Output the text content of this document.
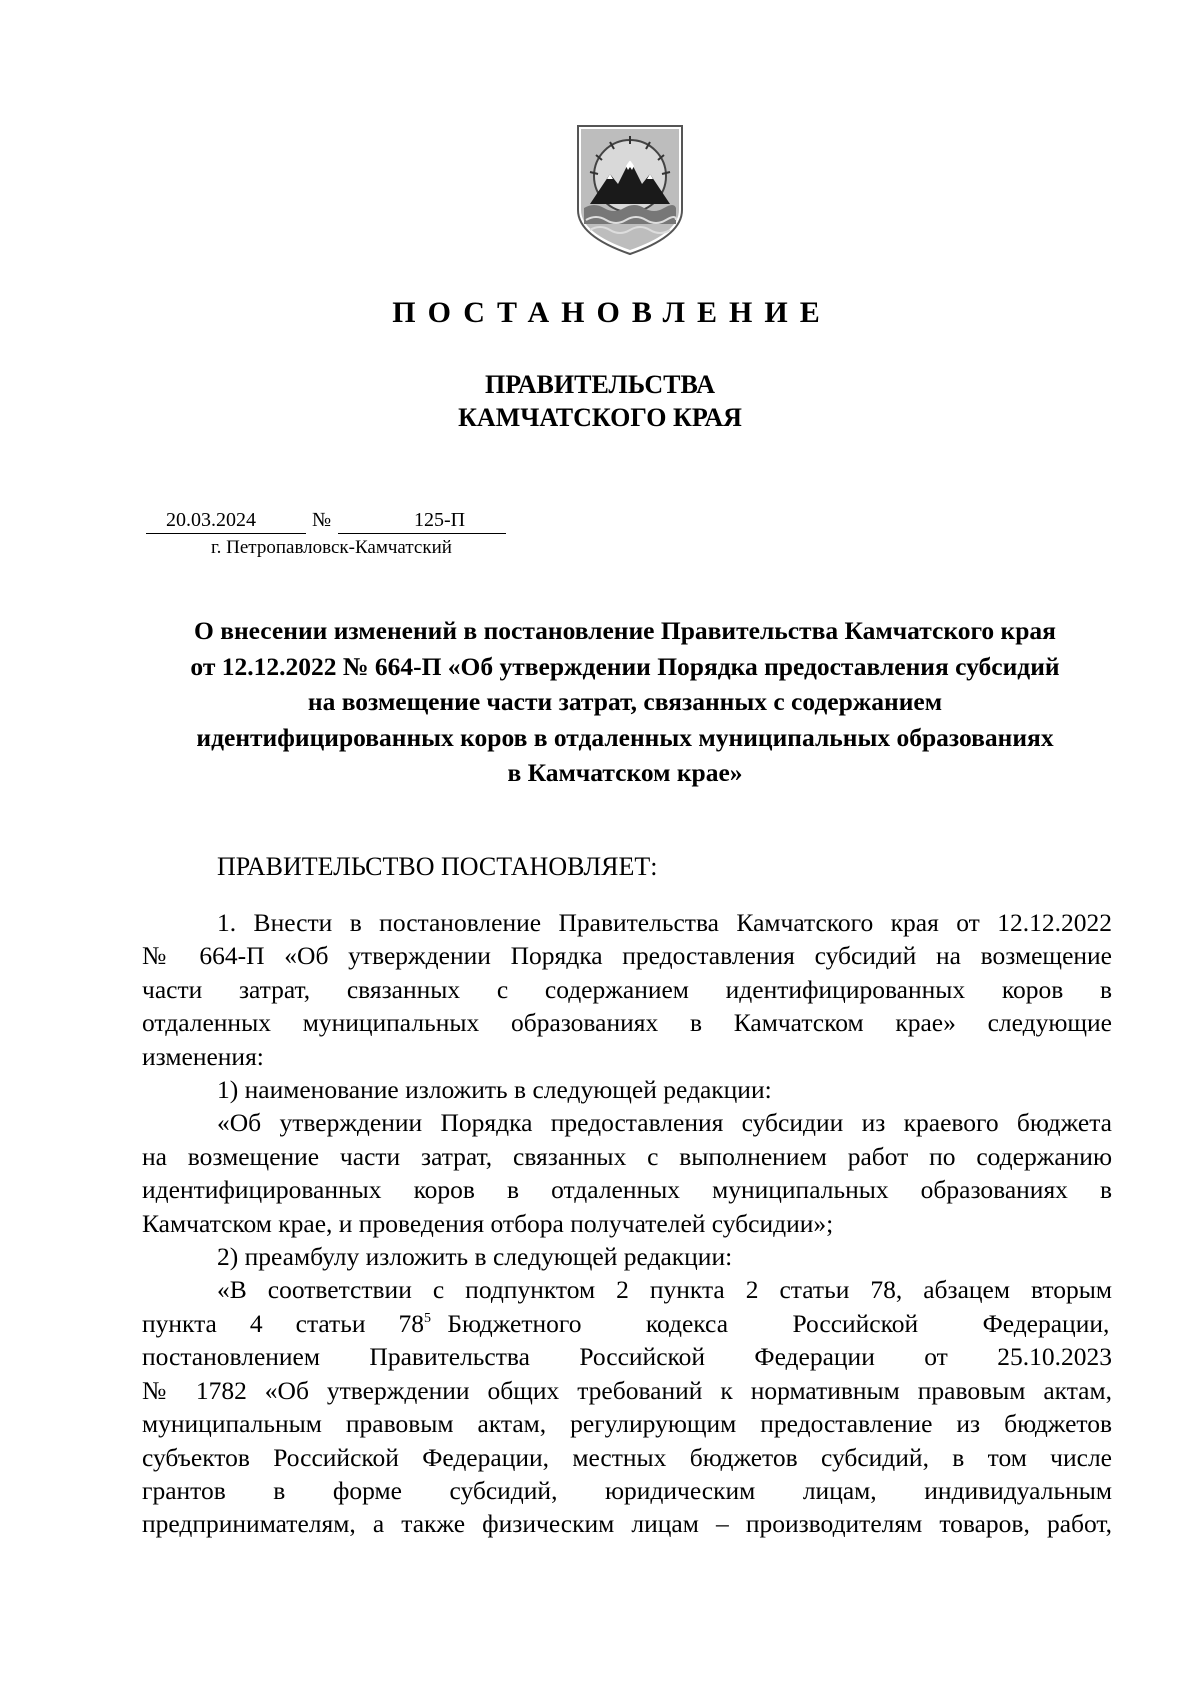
ПОСТАНОВЛЕНИЕ
ПРАВИТЕЛЬСТВА
КАМЧАТСКОГО КРАЯ
20.03.2024	№	125-П
г. Петропавловск-Камчатский
О внесении изменений в постановление Правительства Камчатского края
от 12.12.2022 № 664-П «Об утверждении Порядка предоставления субсидий
на возмещение части затрат, связанных с содержанием
идентифицированных коров в отдаленных муниципальных образованиях
в Камчатском крае»
ПРАВИТЕЛЬСТВО ПОСТАНОВЛЯЕТ:
1. Внести в постановление Правительства Камчатского края от 12.12.2022
№ 664-П «Об утверждении Порядка предоставления субсидий на возмещение
части затрат, связанных с содержанием идентифицированных коров в
отдаленных муниципальных образованиях в Камчатском крае» следующие
изменения:
1) наименование изложить в следующей редакции:
«Об утверждении Порядка предоставления субсидии из краевого бюджета
на возмещение части затрат, связанных с выполнением работ по содержанию
идентифицированных коров в отдаленных муниципальных образованиях в
Камчатском крае, и проведения отбора получателей субсидии»;
2) преамбулу изложить в следующей редакции:
«В соответствии с подпунктом 2 пункта 2 статьи 78, абзацем вторым
пункта 4 статьи $78^5$ Бюджетного кодекса Российской Федерации,
постановлением Правительства Российской Федерации от 25.10.2023
№ 1782 «Об утверждении общих требований к нормативным правовым актам,
муниципальным правовым актам, регулирующим предоставление из бюджетов
субъектов Российской Федерации, местных бюджетов субсидий, в том числе
грантов в форме субсидий, юридическим лицам, индивидуальным
предпринимателям, а также физическим лицам – производителям товаров, работ,
